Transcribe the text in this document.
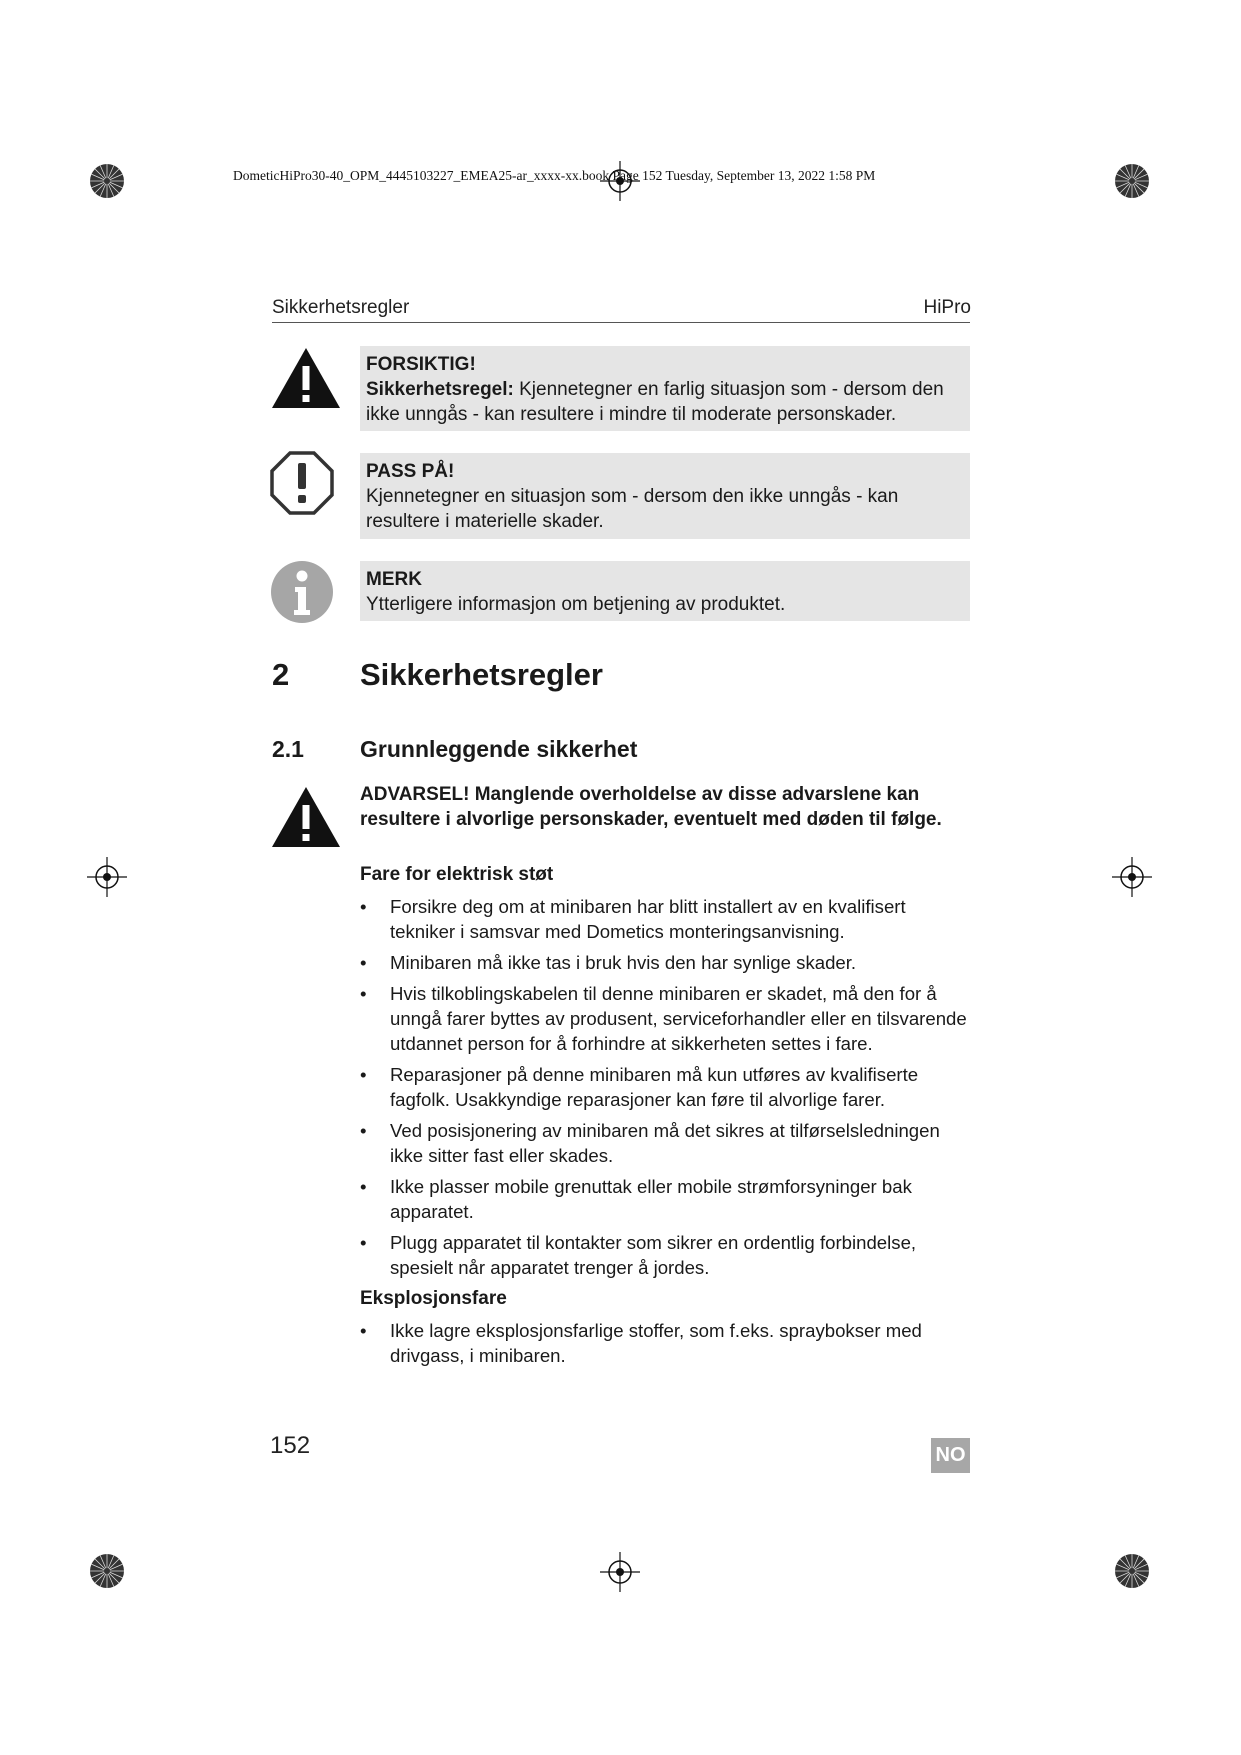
DometicHiPro30-40_OPM_4445103227_EMEA25-ar_xxxx-xx.book Page 152 Tuesday, September 13, 2022 1:58 PM
Sikkerhetsregler	HiPro
FORSIKTIG!
Sikkerhetsregel: Kjennetegner en farlig situasjon som - dersom den ikke unngås - kan resultere i mindre til moderate personskader.
PASS PÅ!
Kjennetegner en situasjon som - dersom den ikke unngås - kan resultere i materielle skader.
MERK
Ytterligere informasjon om betjening av produktet.
2 Sikkerhetsregler
2.1 Grunnleggende sikkerhet
ADVARSEL! Manglende overholdelse av disse advarslene kan resultere i alvorlige personskader, eventuelt med døden til følge.
Fare for elektrisk støt
• Forsikre deg om at minibaren har blitt installert av en kvalifisert tekniker i samsvar med Dometics monteringsanvisning.
• Minibaren må ikke tas i bruk hvis den har synlige skader.
• Hvis tilkoblingskabelen til denne minibaren er skadet, må den for å unngå farer byttes av produsent, serviceforhandler eller en tilsvarende utdannet person for å forhindre at sikkerheten settes i fare.
• Reparasjoner på denne minibaren må kun utføres av kvalifiserte fagfolk. Usakkyndige reparasjoner kan føre til alvorlige farer.
• Ved posisjonering av minibaren må det sikres at tilførselsledningen ikke sitter fast eller skades.
• Ikke plasser mobile grenuttak eller mobile strømforsyninger bak apparatet.
• Plugg apparatet til kontakter som sikrer en ordentlig forbindelse, spesielt når apparatet trenger å jordes.
Eksplosjonsfare
• Ikke lagre eksplosjonsfarlige stoffer, som f.eks. spraybokser med drivgass, i minibaren.
152	NO
